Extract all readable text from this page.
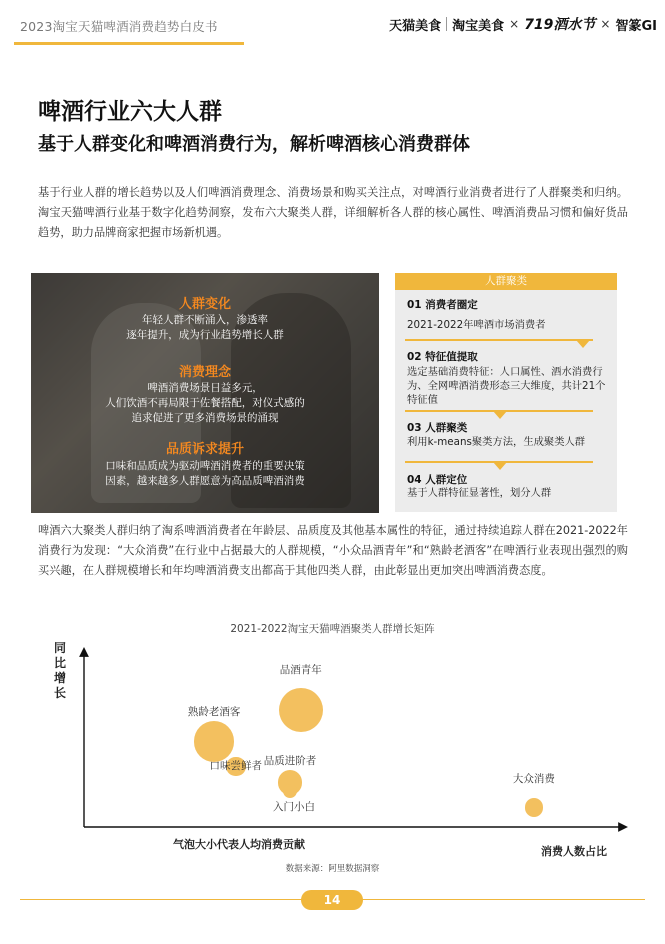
2023淘宝天猫啤酒消费趋势白皮书	天猫美食 淘宝美食 × 719酒水节 × 智篆GI
啤酒行业六大人群
基于人群变化和啤酒消费行为，解析啤酒核心消费群体
基于行业人群的增长趋势以及人们啤酒消费理念、消费场景和购买关注点，对啤酒行业消费者进行了人群聚类和归纳。淘宝天猫啤酒行业基于数字化趋势洞察，发布六大聚类人群，详细解析各人群的核心属性、啤酒消费品习惯和偏好货品趋势，助力品牌商家把握市场新机遇。
人群变化
年轻人群不断涌入，渗透率
逐年提升，成为行业趋势增长人群
消费理念
啤酒消费场景日益多元，
人们饮酒不再局限于佐餐搭配，对仪式感的
追求促进了更多消费场景的涌现
品质诉求提升
口味和品质成为驱动啤酒消费者的重要决策
因素，越来越多人群愿意为高品质啤酒消费
人群聚类
01 消费者圈定
2021-2022年啤酒市场消费者
02 特征值提取
选定基础消费特征：人口属性、酒水消费行为、全网啤酒消费形态三大维度，共计21个特征值
03 人群聚类
利用k-means聚类方法，生成聚类人群
04 人群定位
基于人群特征显著性，划分人群
啤酒六大聚类人群归纳了淘系啤酒消费者在年龄层、品质度及其他基本属性的特征，通过持续追踪人群在2021-2022年消费行为发现：“大众消费”在行业中占据最大的人群规模，“小众品酒青年”和“熟龄老酒客”在啤酒行业表现出强烈的购买兴趣，在人群规模增长和年均啤酒消费支出都高于其他四类人群，由此彰显出更加突出啤酒消费态度。
2021-2022淘宝天猫啤酒聚类人群增长矩阵
同比增长
气泡大小代表人均消费贡献
消费人数占比
数据来源：阿里数据洞察
品酒青年
熟龄老酒客
口味尝鲜者 品质进阶者
入门小白
大众消费
14
